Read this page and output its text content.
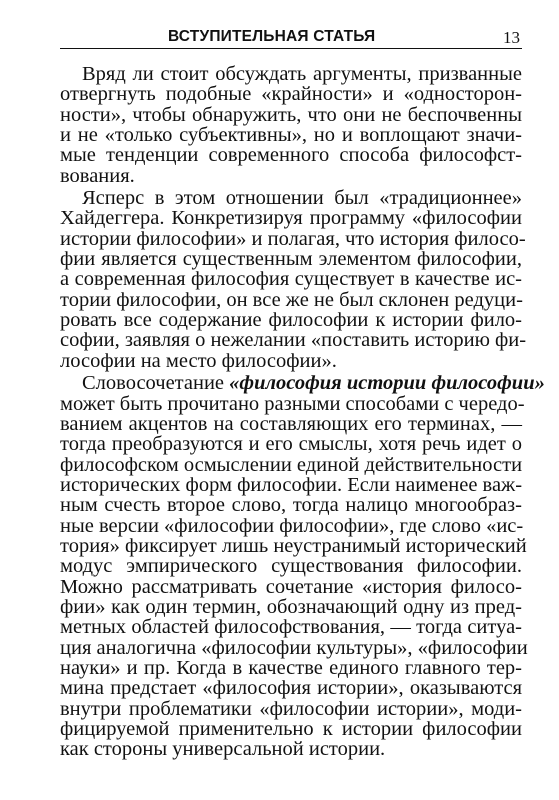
ВСТУПИТЕЛЬНАЯ СТАТЬЯ	13
Вряд ли стоит обсуждать аргументы, призванные
отвергнуть подобные «крайности» и «односторон-
ности», чтобы обнаружить, что они не беспочвенны
и не «только субъективны», но и воплощают значи-
мые тенденции современного способа философст-
вования.
Ясперс в этом отношении был «традиционнее»
Хайдеггера. Конкретизируя программу «философии
истории философии» и полагая, что история филосо-
фии является существенным элементом философии,
а современная философия существует в качестве ис-
тории философии, он все же не был склонен редуци-
ровать все содержание философии к истории фило-
софии, заявляя о нежелании «поставить историю фи-
лософии на место философии».
Словосочетание «философия истории философии»
может быть прочитано разными способами с чередо-
ванием акцентов на составляющих его терминах, —
тогда преобразуются и его смыслы, хотя речь идет о
философском осмыслении единой действительности
исторических форм философии. Если наименее важ-
ным счесть второе слово, тогда налицо многообраз-
ные версии «философии философии», где слово «ис-
тория» фиксирует лишь неустранимый исторический
модус эмпирического существования философии.
Можно рассматривать сочетание «история филосо-
фии» как один термин, обозначающий одну из пред-
метных областей философствования, — тогда ситуа-
ция аналогична «философии культуры», «философии
науки» и пр. Когда в качестве единого главного тер-
мина предстает «философия истории», оказываются
внутри проблематики «философии истории», моди-
фицируемой применительно к истории философии
как стороны универсальной истории.
